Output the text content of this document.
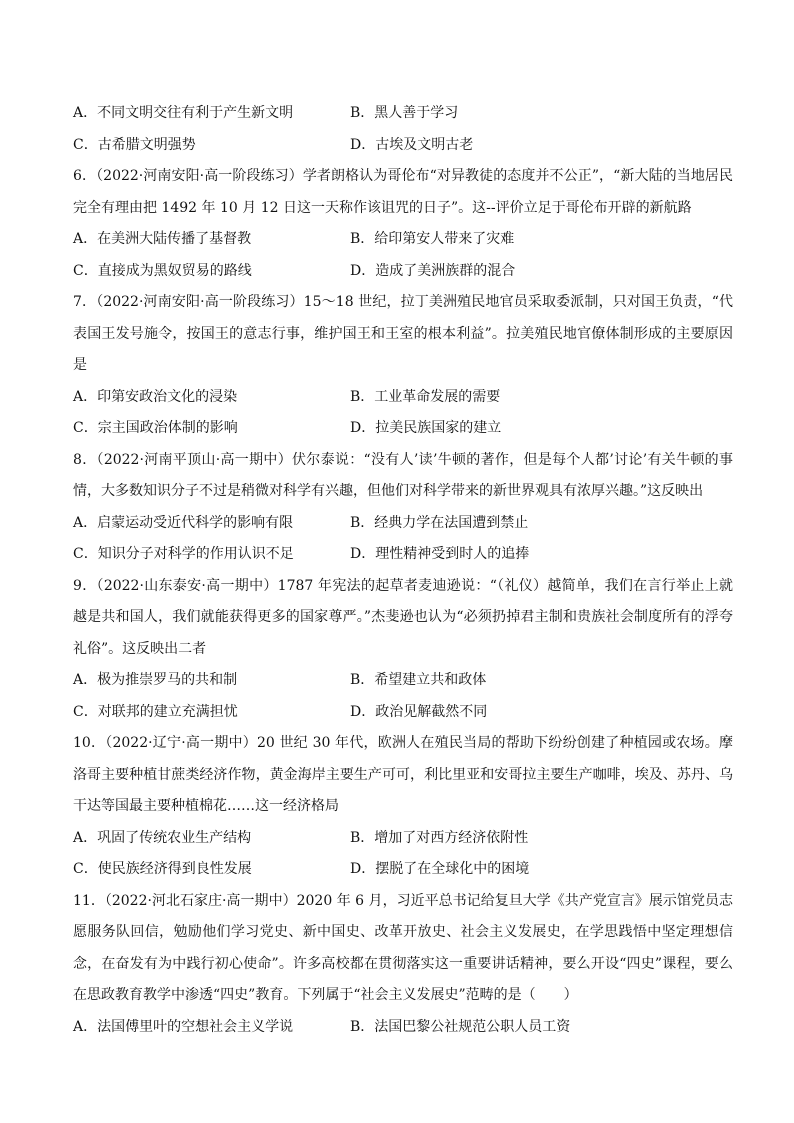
A．不同文明交往有利于产生新文明	B．黑人善于学习
C．古希腊文明强势	D．古埃及文明古老

6．（2022·河南安阳·高一阶段练习）学者朗格认为哥伦布“对异教徒的态度并不公正”，“新大陆的当地居民完全有理由把 1492 年 10 月 12 日这一天称作该诅咒的日子”。这--评价立足于哥伦布开辟的新航路

A．在美洲大陆传播了基督教	B．给印第安人带来了灾难
C．直接成为黑奴贸易的路线	D．造成了美洲族群的混合

7．（2022·河南安阳·高一阶段练习）15～18 世纪，拉丁美洲殖民地官员采取委派制，只对国王负责，“代表国王发号施令，按国王的意志行事，维护国王和王室的根本利益”。拉美殖民地官僚体制形成的主要原因是

A．印第安政治文化的浸染	B．工业革命发展的需要
C．宗主国政治体制的影响	D．拉美民族国家的建立

8．（2022·河南平顶山·高一期中）伏尔泰说：“没有人’读’牛顿的著作，但是每个人都’讨论’有关牛顿的事情，大多数知识分子不过是稍微对科学有兴趣，但他们对科学带来的新世界观具有浓厚兴趣。”这反映出

A．启蒙运动受近代科学的影响有限	B．经典力学在法国遭到禁止
C．知识分子对科学的作用认识不足	D．理性精神受到时人的追捧

9．（2022·山东泰安·高一期中）1787 年宪法的起草者麦迪逊说：“（礼仪）越简单，我们在言行举止上就越是共和国人，我们就能获得更多的国家尊严。”杰斐逊也认为“必须扔掉君主制和贵族社会制度所有的浮夸礼俗”。这反映出二者

A．极为推崇罗马的共和制	B．希望建立共和政体
C．对联邦的建立充满担忧	D．政治见解截然不同

10．（2022·辽宁·高一期中）20 世纪 30 年代，欧洲人在殖民当局的帮助下纷纷创建了种植园或农场。摩洛哥主要种植甘蔗类经济作物，黄金海岸主要生产可可，利比里亚和安哥拉主要生产咖啡，埃及、苏丹、乌干达等国最主要种植棉花……这一经济格局

A．巩固了传统农业生产结构	B．增加了对西方经济依附性
C．使民族经济得到良性发展	D．摆脱了在全球化中的困境

11．（2022·河北石家庄·高一期中）2020 年 6 月，习近平总书记给复旦大学《共产党宣言》展示馆党员志愿服务队回信，勉励他们学习党史、新中国史、改革开放史、社会主义发展史，在学思践悟中坚定理想信念，在奋发有为中践行初心使命”。许多高校都在贯彻落实这一重要讲话精神，要么开设“四史”课程，要么在思政教育教学中渗透“四史”教育。下列属于“社会主义发展史”范畴的是（　　）

A．法国傅里叶的空想社会主义学说	B．法国巴黎公社规范公职人员工资
